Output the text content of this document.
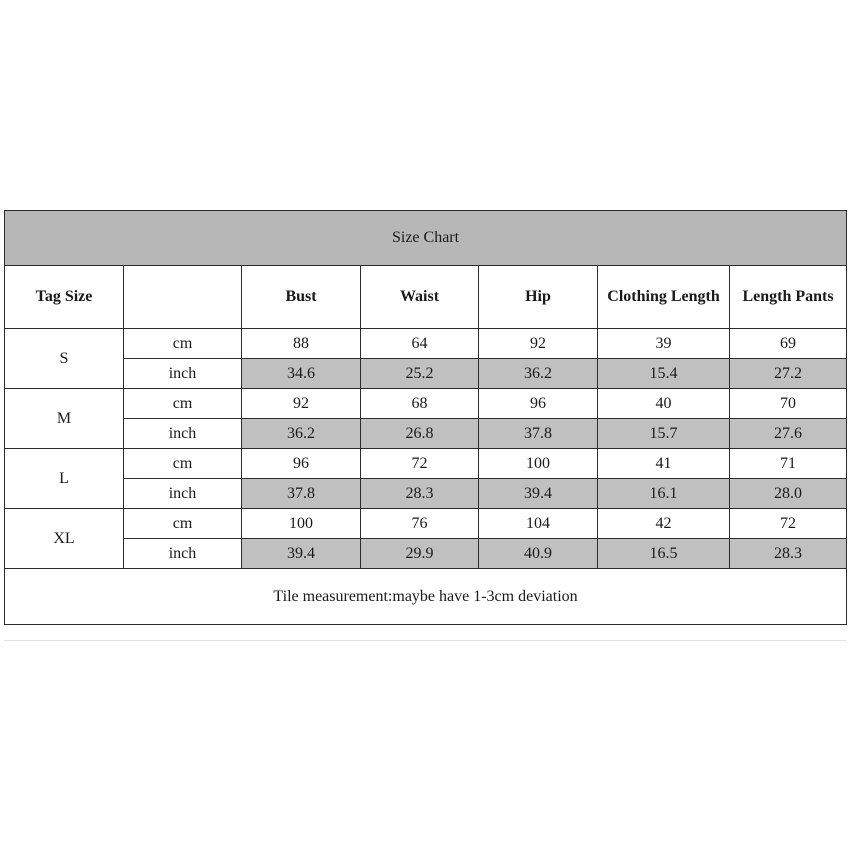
Size Chart						
Tag Size		Bust	Waist	Hip	Clothing Length	Length Pants
S	cm	88	64	92	39	69
	inch	34.6	25.2	36.2	15.4	27.2
M	cm	92	68	96	40	70
	inch	36.2	26.8	37.8	15.7	27.6
L	cm	96	72	100	41	71
	inch	37.8	28.3	39.4	16.1	28.0
XL	cm	100	76	104	42	72
	inch	39.4	29.9	40.9	16.5	28.3
Tile measurement:maybe have 1-3cm deviation						
